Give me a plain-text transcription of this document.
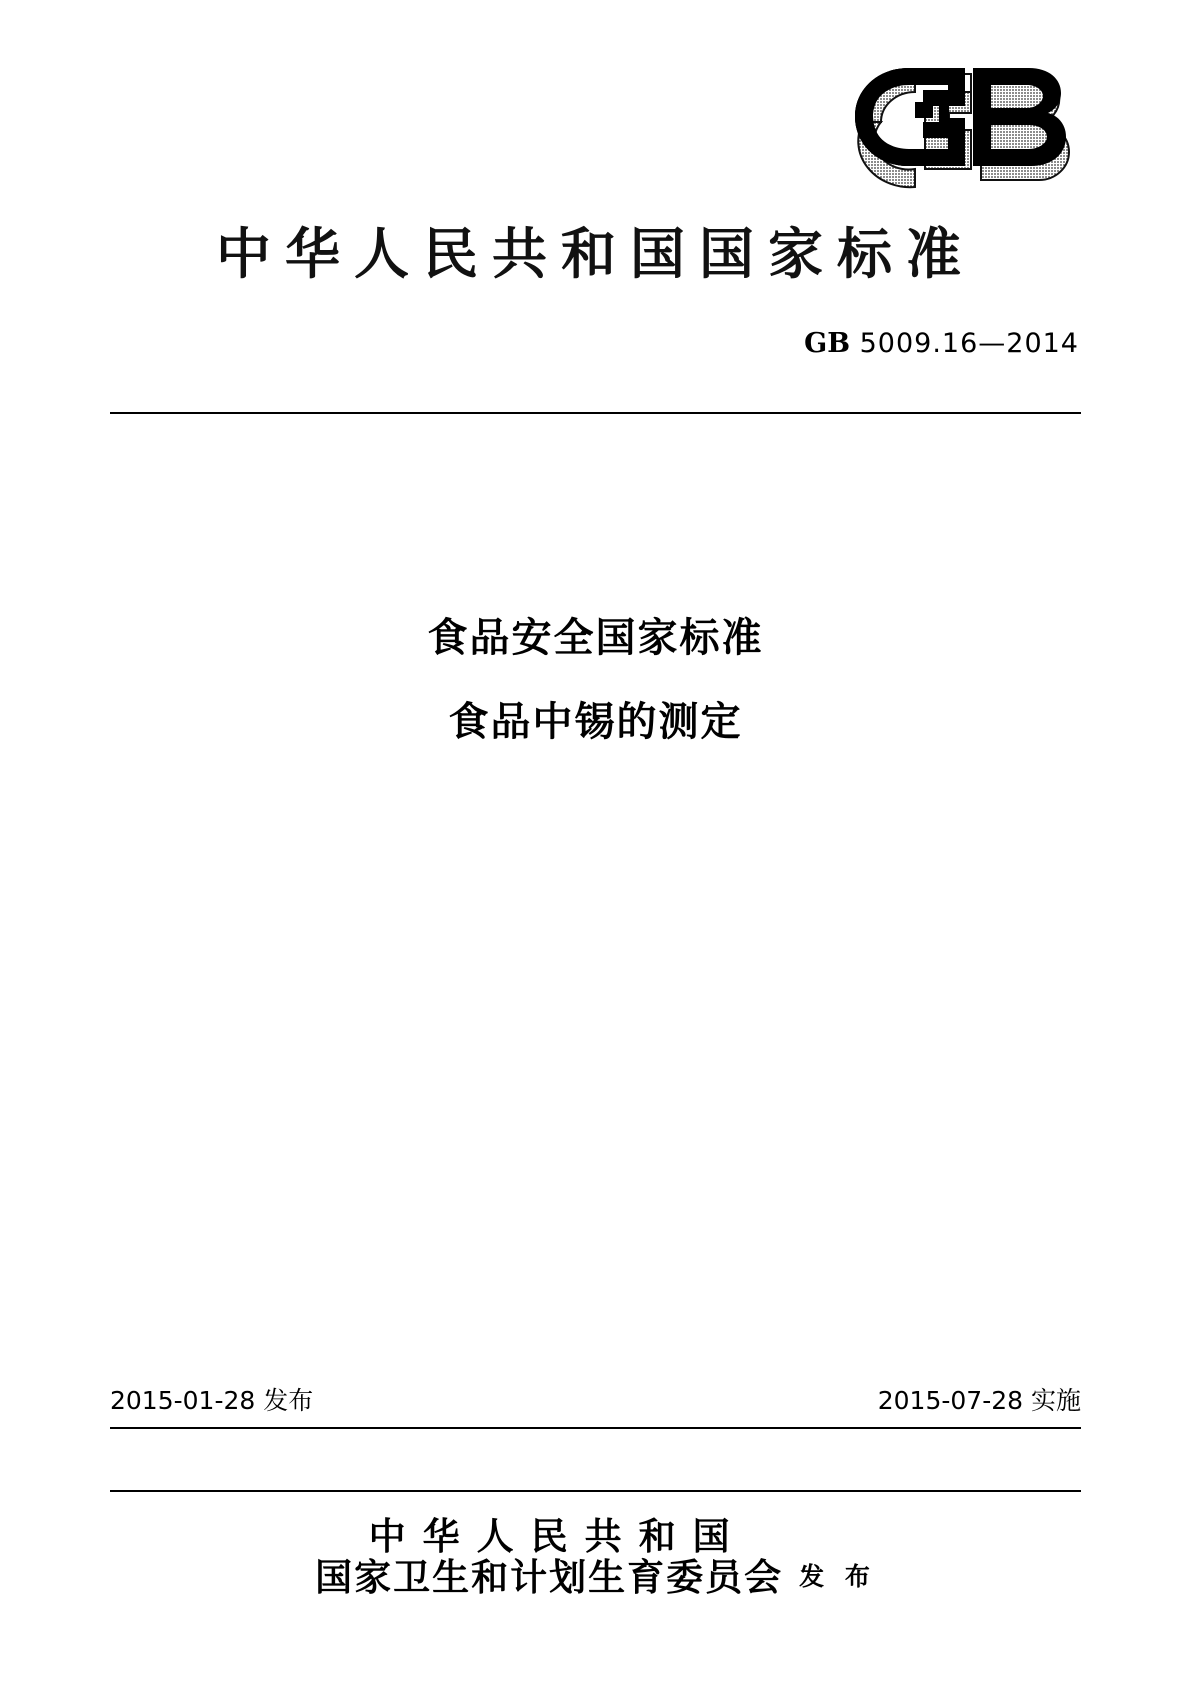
中华人民共和国国家标准
GB 5009.16—2014
食品安全国家标准
食品中锡的测定
2015-01-28 发布	2015-07-28 实施
中华人民共和国
国家卫生和计划生育委员会 发 布
